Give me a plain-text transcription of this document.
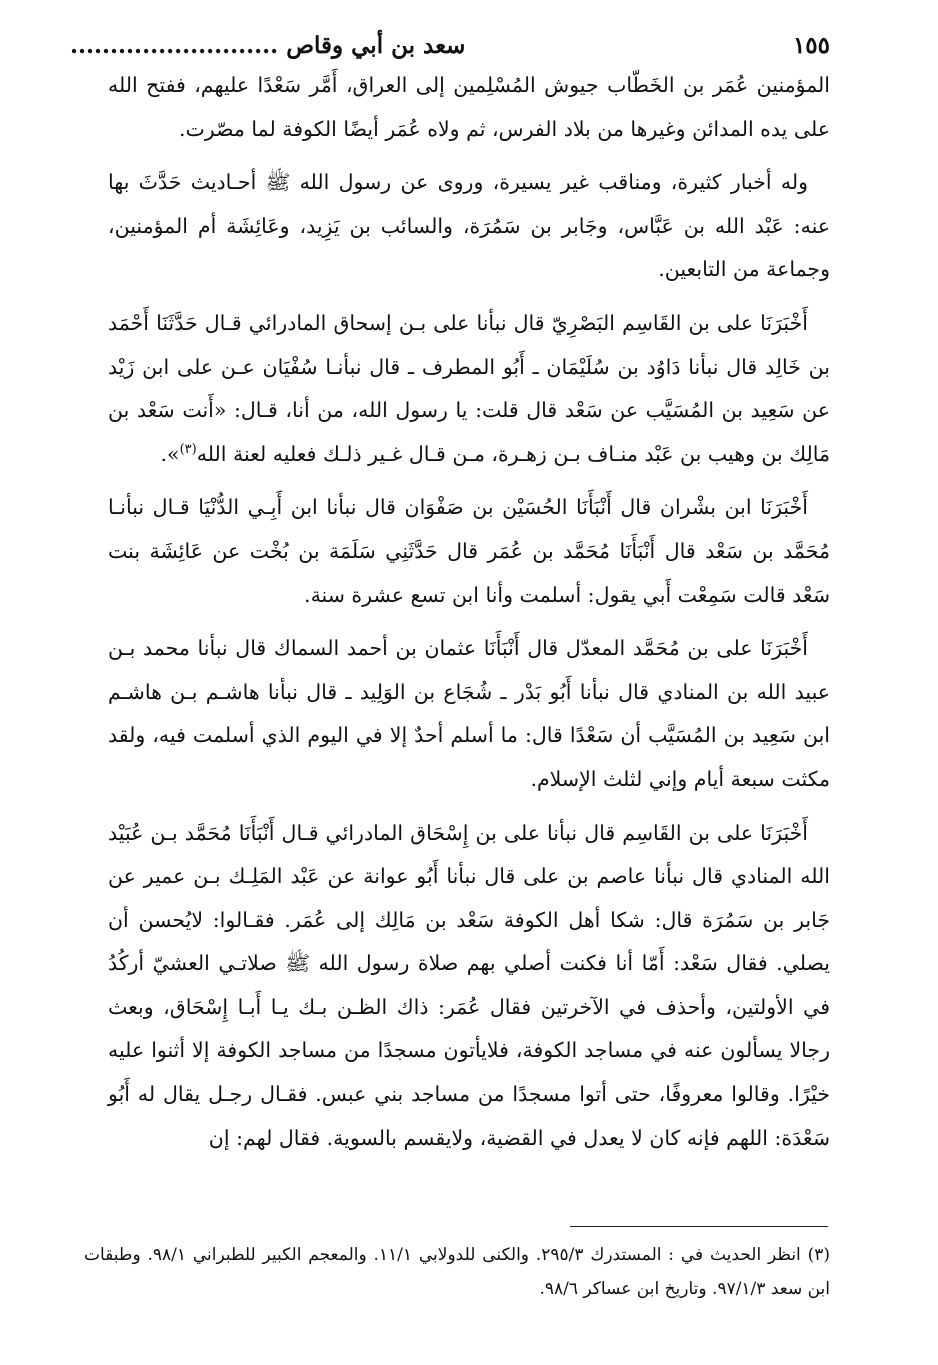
سعد بن أبي وقاص ..........................	١٥٥

المؤمنين عُمَر بن الخَطّاب جيوش المُسْلِمين إلى العراق، أَمَّر سَعْدًا عليهم، ففتح الله على يده المدائن وغيرها من بلاد الفرس، ثم ولاه عُمَر أيضًا الكوفة لما مصّرت.

وله أخبار كثيرة، ومناقب غير يسيرة، وروى عن رسول الله ﷺ أحـاديث حَدَّثَ بها عنه: عَبْد الله بن عَبَّاس، وجَابر بن سَمُرَة، والسائب بن يَزِيد، وعَائِشَة أم المؤمنين، وجماعة من التابعين.

أَخْبَرَنَا على بن القَاسِم البَصْرِيّ قال نبأنا على بـن إسحاق المادرائي قـال حَدَّثَنَا أَحْمَد بن خَالِد قال نبأنا دَاوُد بن سُلَيْمَان ـ أَبُو المطرف ـ قال نبأنـا سُفْيَان عـن على ابن زَيْد عن سَعِيد بن المُسَيَّب عن سَعْد قال قلت: يا رسول الله، من أنا، قـال: «أَنت سَعْد بن مَالِك بن وهيب بن عَبْد منـاف بـن زهـرة، مـن قـال غـير ذلـك فعليه لعنة الله$^{(٣)}$».

أَخْبَرَنَا ابن بشْران قال أَنْبَأَنَا الحُسَيْن بن صَفْوَان قال نبأنا ابن أَبِـي الدُّنْيَا قـال نبأنـا مُحَمَّد بن سَعْد قال أَنْبَأَنَا مُحَمَّد بن عُمَر قال حَدَّثَنِي سَلَمَة بن بُخْت عن عَائِشَة بنت سَعْد قالت سَمِعْت أَبي يقول: أسلمت وأنا ابن تسع عشرة سنة.

أَخْبَرَنَا على بن مُحَمَّد المعدّل قال أَنْبَأَنَا عثمان بن أحمد السماك قال نبأنا محمد بـن عبيد الله بن المنادي قال نبأنا أَبُو بَدْر ـ شُجَاع بن الوَلِيد ـ قال نبأنا هاشـم بـن هاشـم ابن سَعِيد بن المُسَيَّب أن سَعْدًا قال: ما أسلم أحدٌ إلا في اليوم الذي أسلمت فيه، ولقد مكثت سبعة أيام وإني لثلث الإسلام.

أَخْبَرَنَا على بن القَاسِم قال نبأنا على بن إِسْحَاق المادرائي قـال أَنْبَأَنَا مُحَمَّد بـن عُبَيْد الله المنادي قال نبأنا عاصم بن على قال نبأنا أَبُو عوانة عن عَبْد المَلِـك بـن عمير عن جَابر بن سَمُرَة قال: شكا أهل الكوفة سَعْد بن مَالِك إلى عُمَر. فقـالوا: لايُحسن أن يصلي. فقال سَعْد: أَمّا أنا فكنت أصلي بهم صلاة رسول الله ﷺ صلاتـي العشيّ أركُدُ في الأولتين، وأحذف في الآخرتين فقال عُمَر: ذاك الظـن بـك يـا أَبـا إِسْحَاق، وبعث رجالا يسألون عنه في مساجد الكوفة، فلايأتون مسجدًا من مساجد الكوفة إلا أثنوا عليه خيْرًا. وقالوا معروفًا، حتى أتوا مسجدًا من مساجد بني عبس. فقـال رجـل يقال له أَبُو سَعْدَة: اللهم فإنه كان لا يعدل في القضية، ولايقسم بالسوية. فقال لهم: إن

(٣) انظر الحديث في : المستدرك ٢٩٥/٣. والكنى للدولابي ١١/١. والمعجم الكبير للطبراني ٩٨/١. وطبقات ابن سعد ٩٧/١/٣. وتاريخ ابن عساكر ٩٨/٦.
